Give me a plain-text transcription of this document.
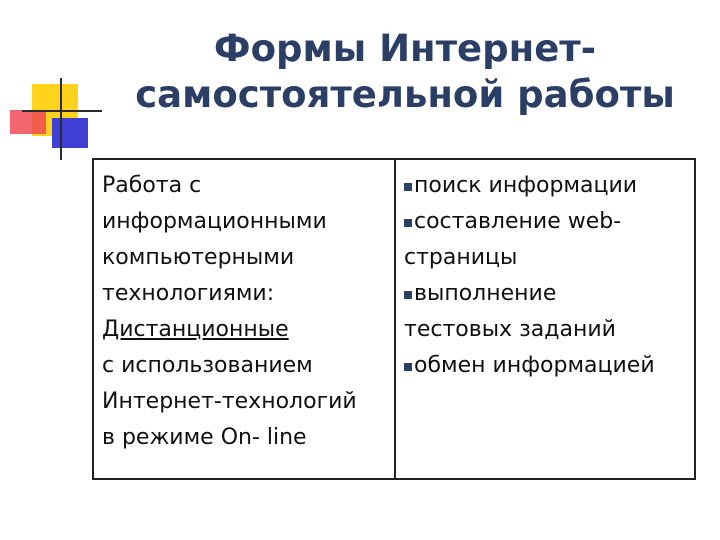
Формы Интернет-
самостоятельной работы
Работа с
информационными
компьютерными
технологиями:
Дистанционные
с использованием
Интернет-технологий
в режиме On- line
поиск информации
составление web-
страницы
выполнение
тестовых заданий
обмен информацией
